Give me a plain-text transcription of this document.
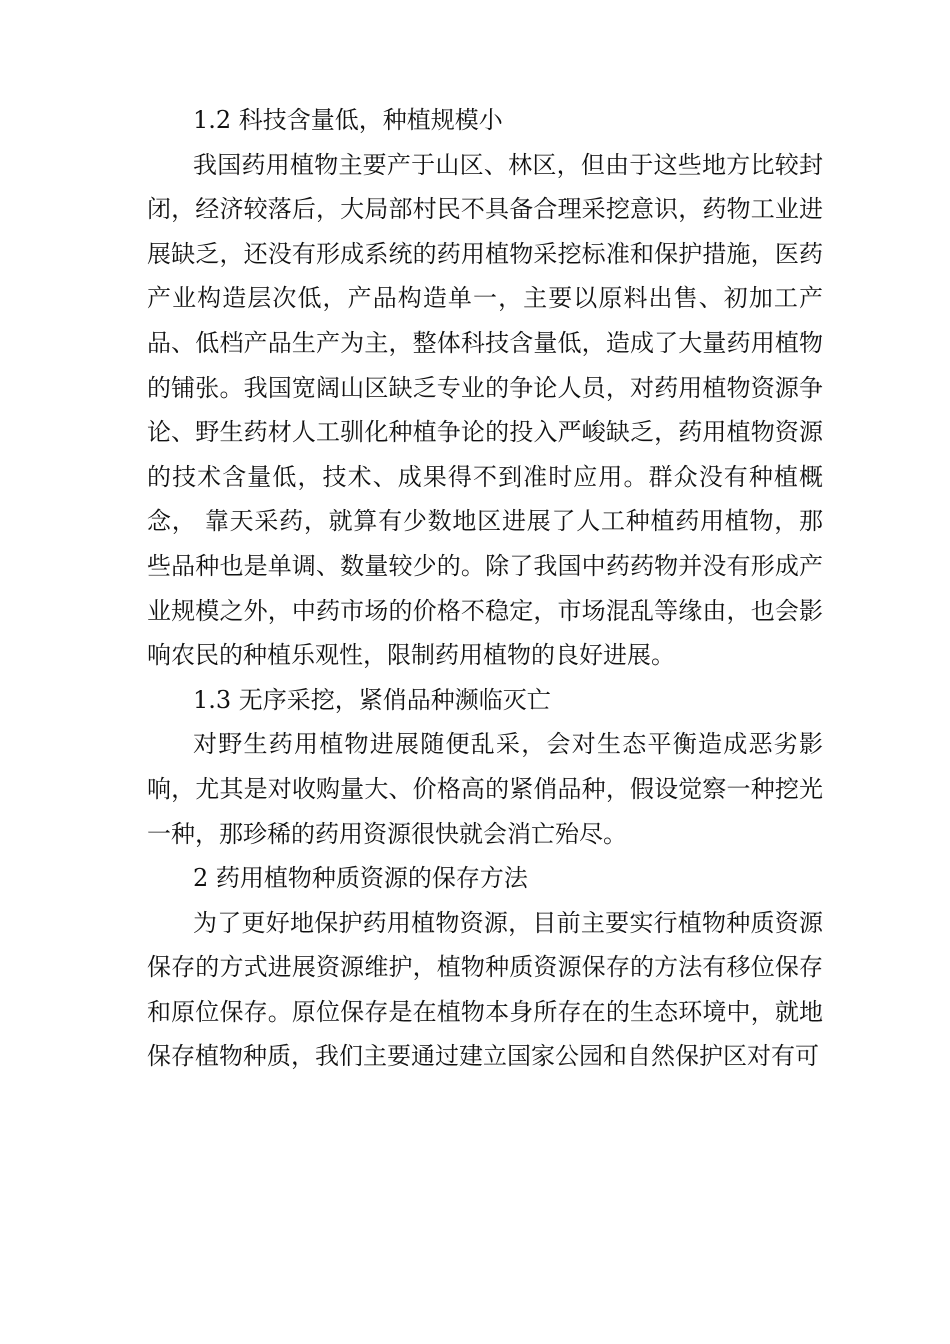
1.2 科技含量低，种植规模小

我国药用植物主要产于山区、林区，但由于这些地方比较封闭，经济较落后，大局部村民不具备合理采挖意识，药物工业进展缺乏，还没有形成系统的药用植物采挖标准和保护措施，医药产业构造层次低，产品构造单一，主要以原料出售、初加工产品、低档产品生产为主，整体科技含量低，造成了大量药用植物的铺张。我国宽阔山区缺乏专业的争论人员，对药用植物资源争论、野生药材人工驯化种植争论的投入严峻缺乏，药用植物资源的技术含量低，技术、成果得不到准时应用。群众没有种植概念， 靠天采药，就算有少数地区进展了人工种植药用植物，那些品种也是单调、数量较少的。除了我国中药药物并没有形成产业规模之外，中药市场的价格不稳定，市场混乱等缘由，也会影响农民的种植乐观性，限制药用植物的良好进展。

1.3 无序采挖，紧俏品种濒临灭亡

对野生药用植物进展随便乱采，会对生态平衡造成恶劣影响，尤其是对收购量大、价格高的紧俏品种，假设觉察一种挖光一种，那珍稀的药用资源很快就会消亡殆尽。

2 药用植物种质资源的保存方法

为了更好地保护药用植物资源，目前主要实行植物种质资源保存的方式进展资源维护，植物种质资源保存的方法有移位保存和原位保存。原位保存是在植物本身所存在的生态环境中，就地保存植物种质，我们主要通过建立国家公园和自然保护区对有可
